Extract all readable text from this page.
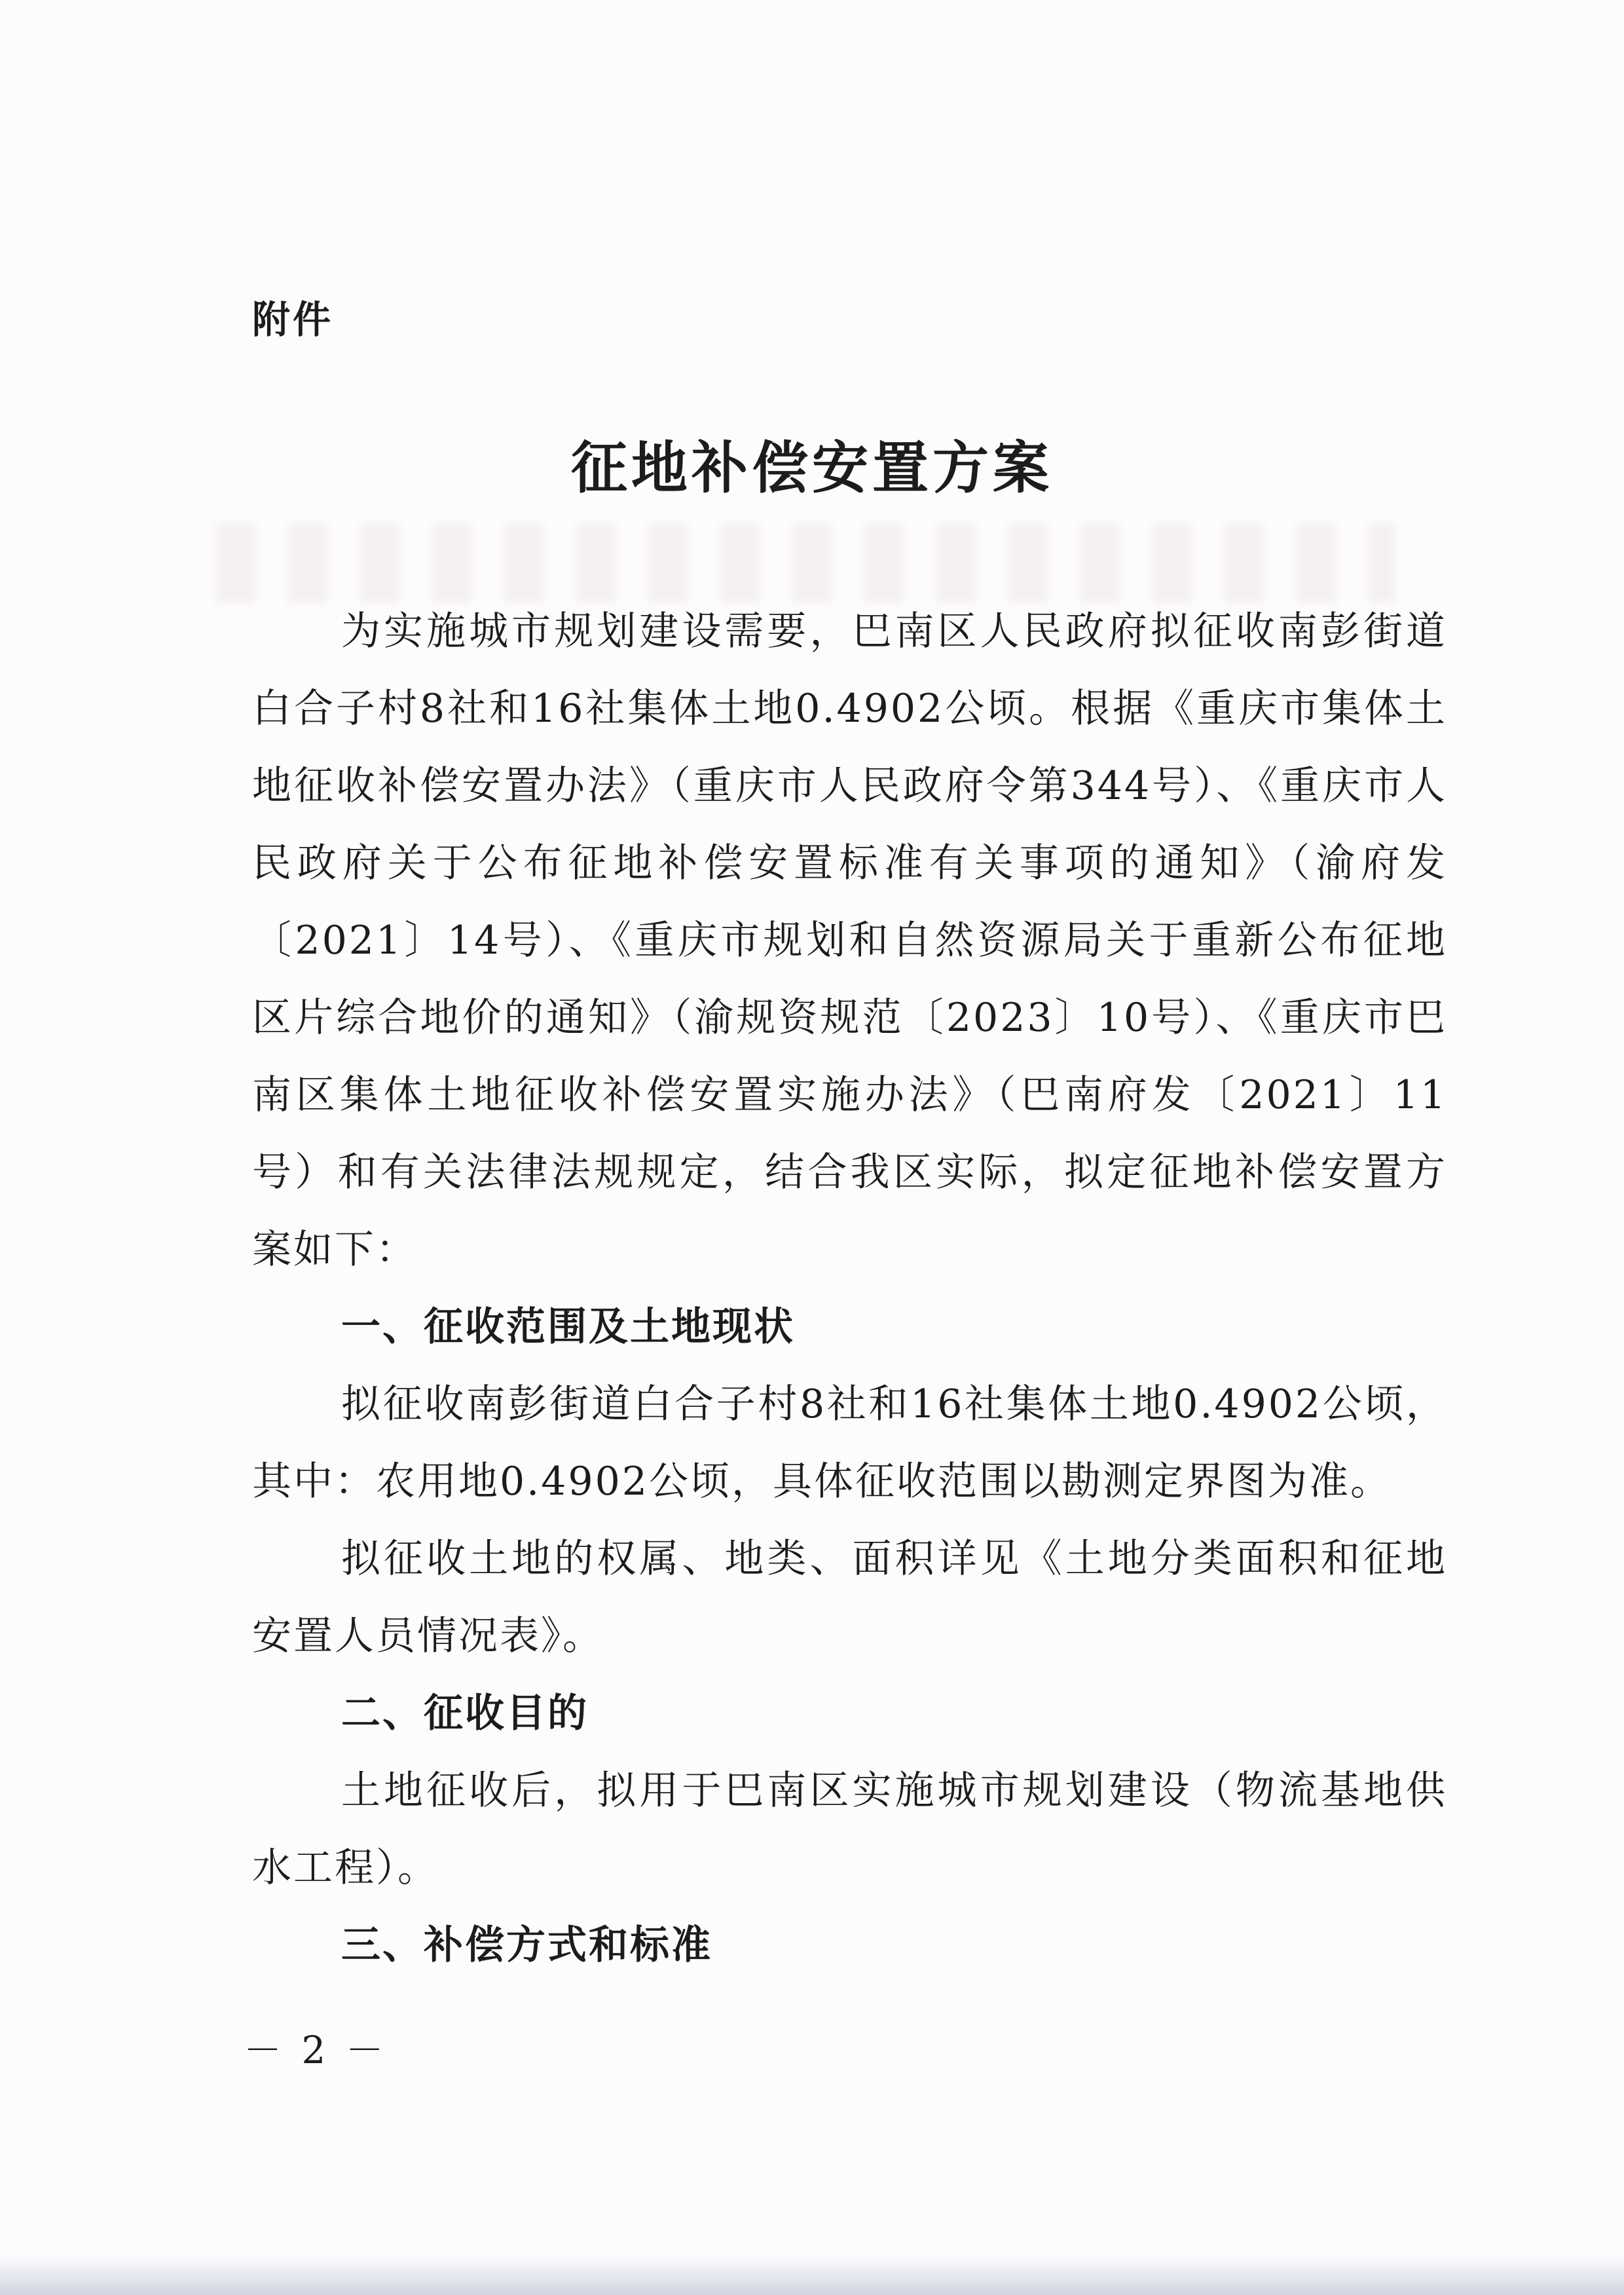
附件
征地补偿安置方案

为实施城市规划建设需要，巴南区人民政府拟征收南彭街道白合子村8社和16社集体土地0.4902公顷。根据《重庆市集体土地征收补偿安置办法》（重庆市人民政府令第344号）、《重庆市人民政府关于公布征地补偿安置标准有关事项的通知》（渝府发〔2021〕14号）、《重庆市规划和自然资源局关于重新公布征地区片综合地价的通知》（渝规资规范〔2023〕10号）、《重庆市巴南区集体土地征收补偿安置实施办法》（巴南府发〔2021〕11号）和有关法律法规规定，结合我区实际，拟定征地补偿安置方案如下：

一、征收范围及土地现状

拟征收南彭街道白合子村8社和16社集体土地0.4902公顷，其中：农用地0.4902公顷，具体征收范围以勘测定界图为准。

拟征收土地的权属、地类、面积详见《土地分类面积和征地安置人员情况表》。

二、征收目的

土地征收后，拟用于巴南区实施城市规划建设（物流基地供水工程）。

三、补偿方式和标准

－ 2 －
